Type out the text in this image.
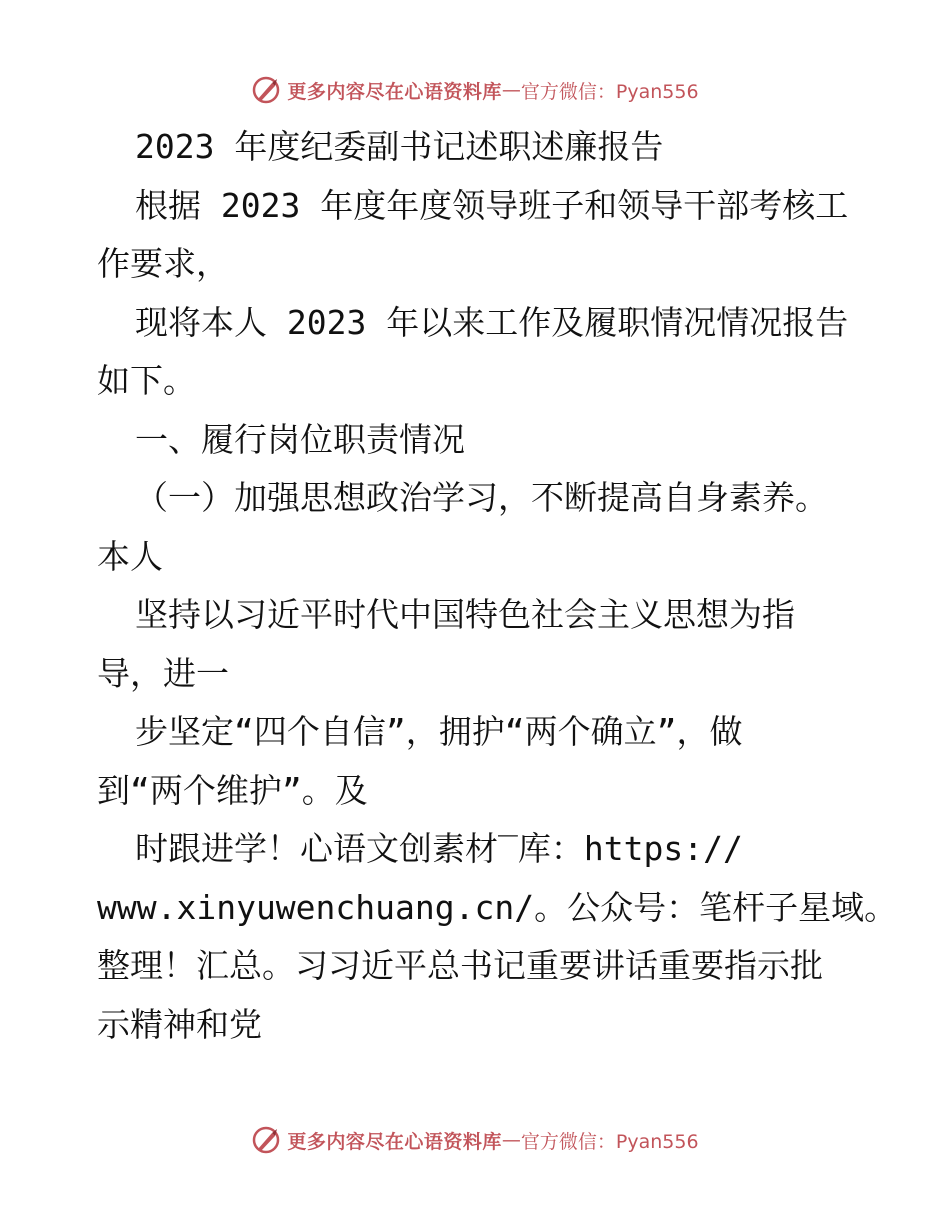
更多内容尽在心语资料库 — 官方微信：Pyan556
2023 年度纪委副书记述职述廉报告
根据 2023 年度年度领导班子和领导干部考核工
作要求，
现将本人 2023 年以来工作及履职情况情况报告
如下。
一、履行岗位职责情况
（一）加强思想政治学习，不断提高自身素养。
本人
坚持以习近平时代中国特色社会主义思想为指
导，进一
步坚定“四个自信”，拥护“两个确立”，做
到“两个维护”。及
时跟进学！心语文创素材‾库：https://
www.xinyuwenchuang.cn/。公众号：笔杆子星域。
整理！汇总。习习近平总书记重要讲话重要指示批
示精神和党
更多内容尽在心语资料库 — 官方微信：Pyan556
